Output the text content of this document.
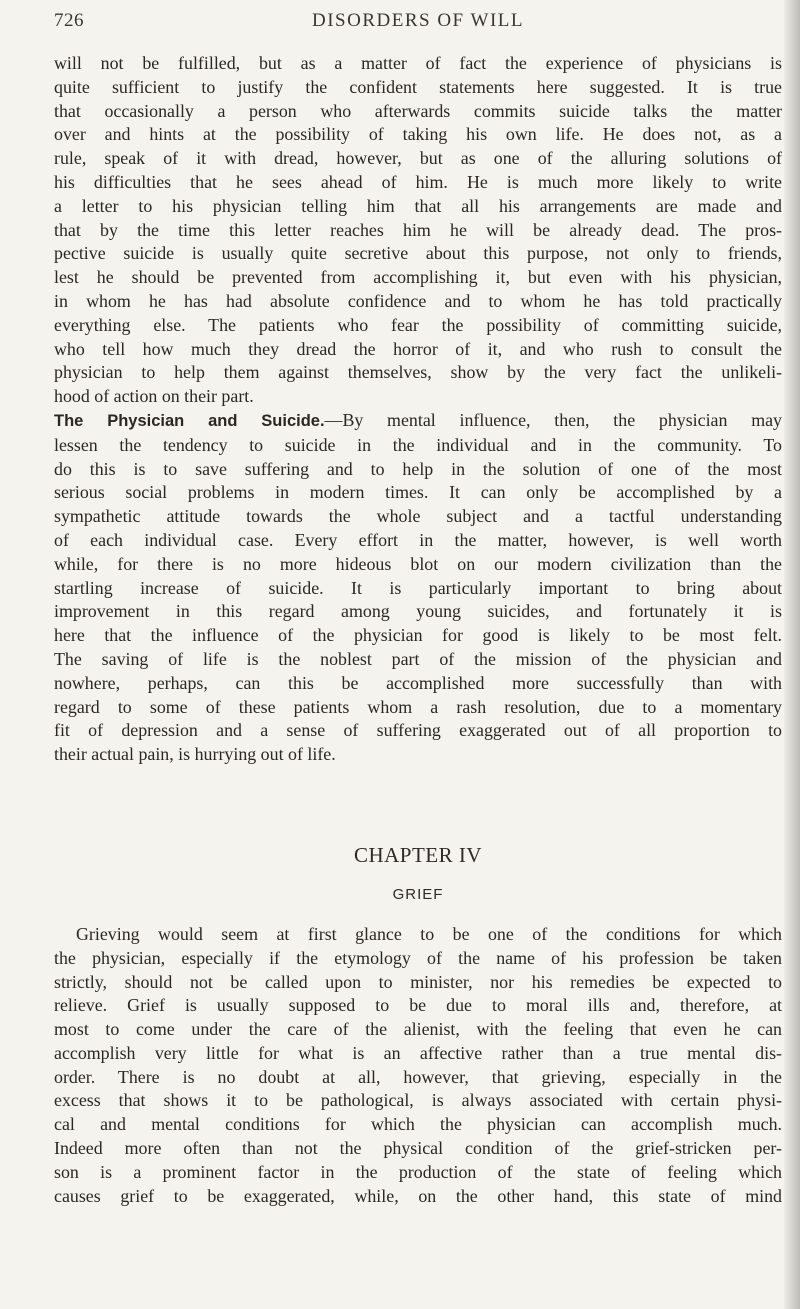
726	DISORDERS OF WILL
will not be fulfilled, but as a matter of fact the experience of physicians is
quite sufficient to justify the confident statements here suggested. It is true
that occasionally a person who afterwards commits suicide talks the matter
over and hints at the possibility of taking his own life. He does not, as a
rule, speak of it with dread, however, but as one of the alluring solutions of
his difficulties that he sees ahead of him. He is much more likely to write
a letter to his physician telling him that all his arrangements are made and
that by the time this letter reaches him he will be already dead. The pros-
pective suicide is usually quite secretive about this purpose, not only to friends,
lest he should be prevented from accomplishing it, but even with his physician,
in whom he has had absolute confidence and to whom he has told practically
everything else. The patients who fear the possibility of committing suicide,
who tell how much they dread the horror of it, and who rush to consult the
physician to help them against themselves, show by the very fact the unlikeli-
hood of action on their part.
The Physician and Suicide.—By mental influence, then, the physician may
lessen the tendency to suicide in the individual and in the community. To
do this is to save suffering and to help in the solution of one of the most
serious social problems in modern times. It can only be accomplished by a
sympathetic attitude towards the whole subject and a tactful understanding
of each individual case. Every effort in the matter, however, is well worth
while, for there is no more hideous blot on our modern civilization than the
startling increase of suicide. It is particularly important to bring about
improvement in this regard among young suicides, and fortunately it is
here that the influence of the physician for good is likely to be most felt.
The saving of life is the noblest part of the mission of the physician and
nowhere, perhaps, can this be accomplished more successfully than with
regard to some of these patients whom a rash resolution, due to a momentary
fit of depression and a sense of suffering exaggerated out of all proportion to
their actual pain, is hurrying out of life.
CHAPTER IV
GRIEF
Grieving would seem at first glance to be one of the conditions for which
the physician, especially if the etymology of the name of his profession be taken
strictly, should not be called upon to minister, nor his remedies be expected to
relieve. Grief is usually supposed to be due to moral ills and, therefore, at
most to come under the care of the alienist, with the feeling that even he can
accomplish very little for what is an affective rather than a true mental dis-
order. There is no doubt at all, however, that grieving, especially in the
excess that shows it to be pathological, is always associated with certain physi-
cal and mental conditions for which the physician can accomplish much.
Indeed more often than not the physical condition of the grief-stricken per-
son is a prominent factor in the production of the state of feeling which
causes grief to be exaggerated, while, on the other hand, this state of mind
